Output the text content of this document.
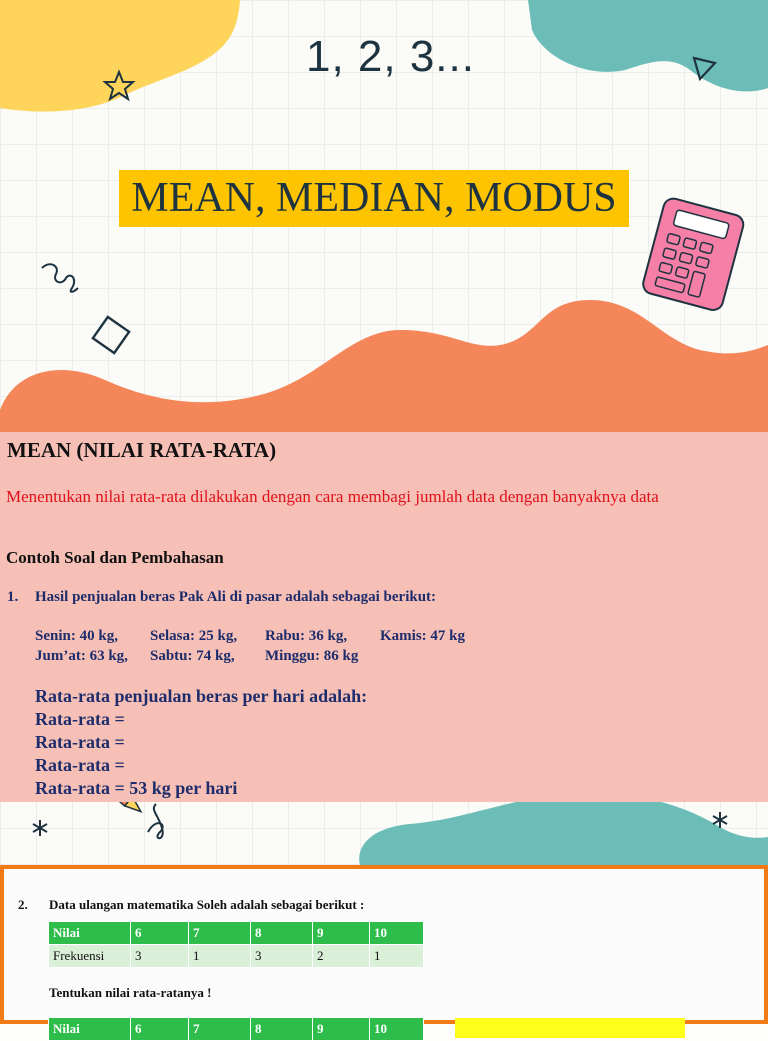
1, 2, 3...
MEAN, MEDIAN, MODUS
MEAN (NILAI RATA-RATA)
Menentukan nilai rata-rata dilakukan dengan cara membagi jumlah data dengan banyaknya data
Contoh Soal dan Pembahasan
1. Hasil penjualan beras Pak Ali di pasar adalah sebagai berikut:
Senin: 40 kg, Selasa: 25 kg, Rabu: 36 kg, Kamis: 47 kg
Jum’at: 63 kg, Sabtu: 74 kg, Minggu: 86 kg
Rata-rata penjualan beras per hari adalah:
Rata-rata =
Rata-rata =
Rata-rata =
Rata-rata = 53 kg per hari
2. Data ulangan matematika Soleh adalah sebagai berikut :
Nilai	6	7	8	9	10
Frekuensi	3	1	3	2	1
Tentukan nilai rata-ratanya !
Nilai	6	7	8	9	10
